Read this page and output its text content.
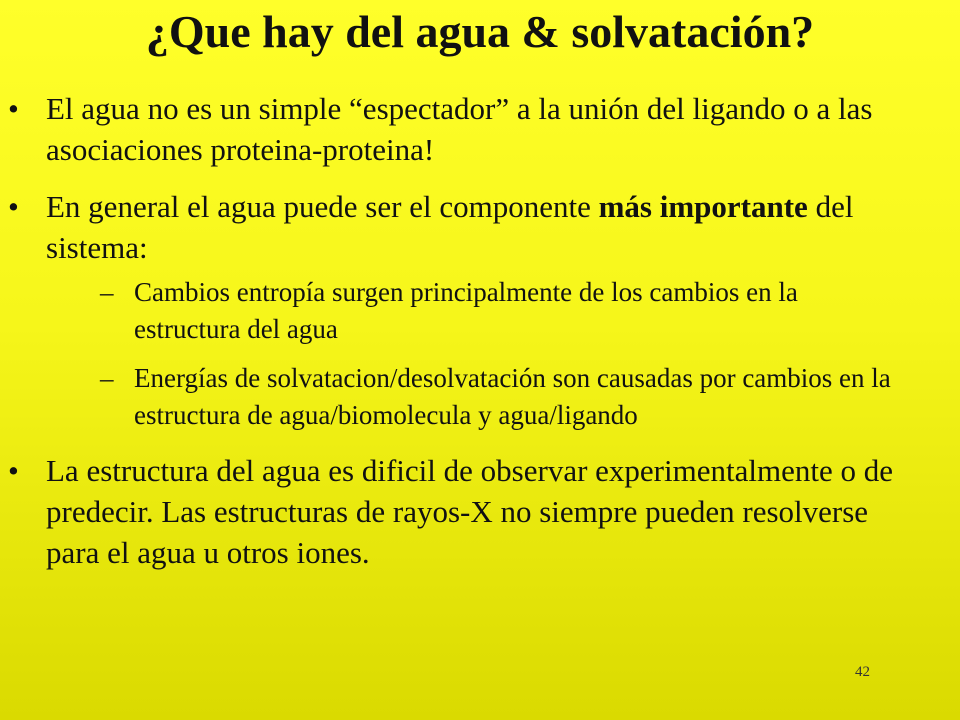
¿Que hay del agua & solvatación?
• El agua no es un simple “espectador” a la unión del ligando o a las asociaciones proteina-proteina!
• En general el agua puede ser el componente más importante del sistema:
– Cambios entropía surgen principalmente de los cambios en la estructura del agua
– Energías de solvatacion/desolvatación son causadas por cambios en la estructura de agua/biomolecula y agua/ligando
• La estructura del agua es dificil de observar experimentalmente o de predecir. Las estructuras de rayos-X no siempre pueden resolverse para el agua u otros iones.
42
